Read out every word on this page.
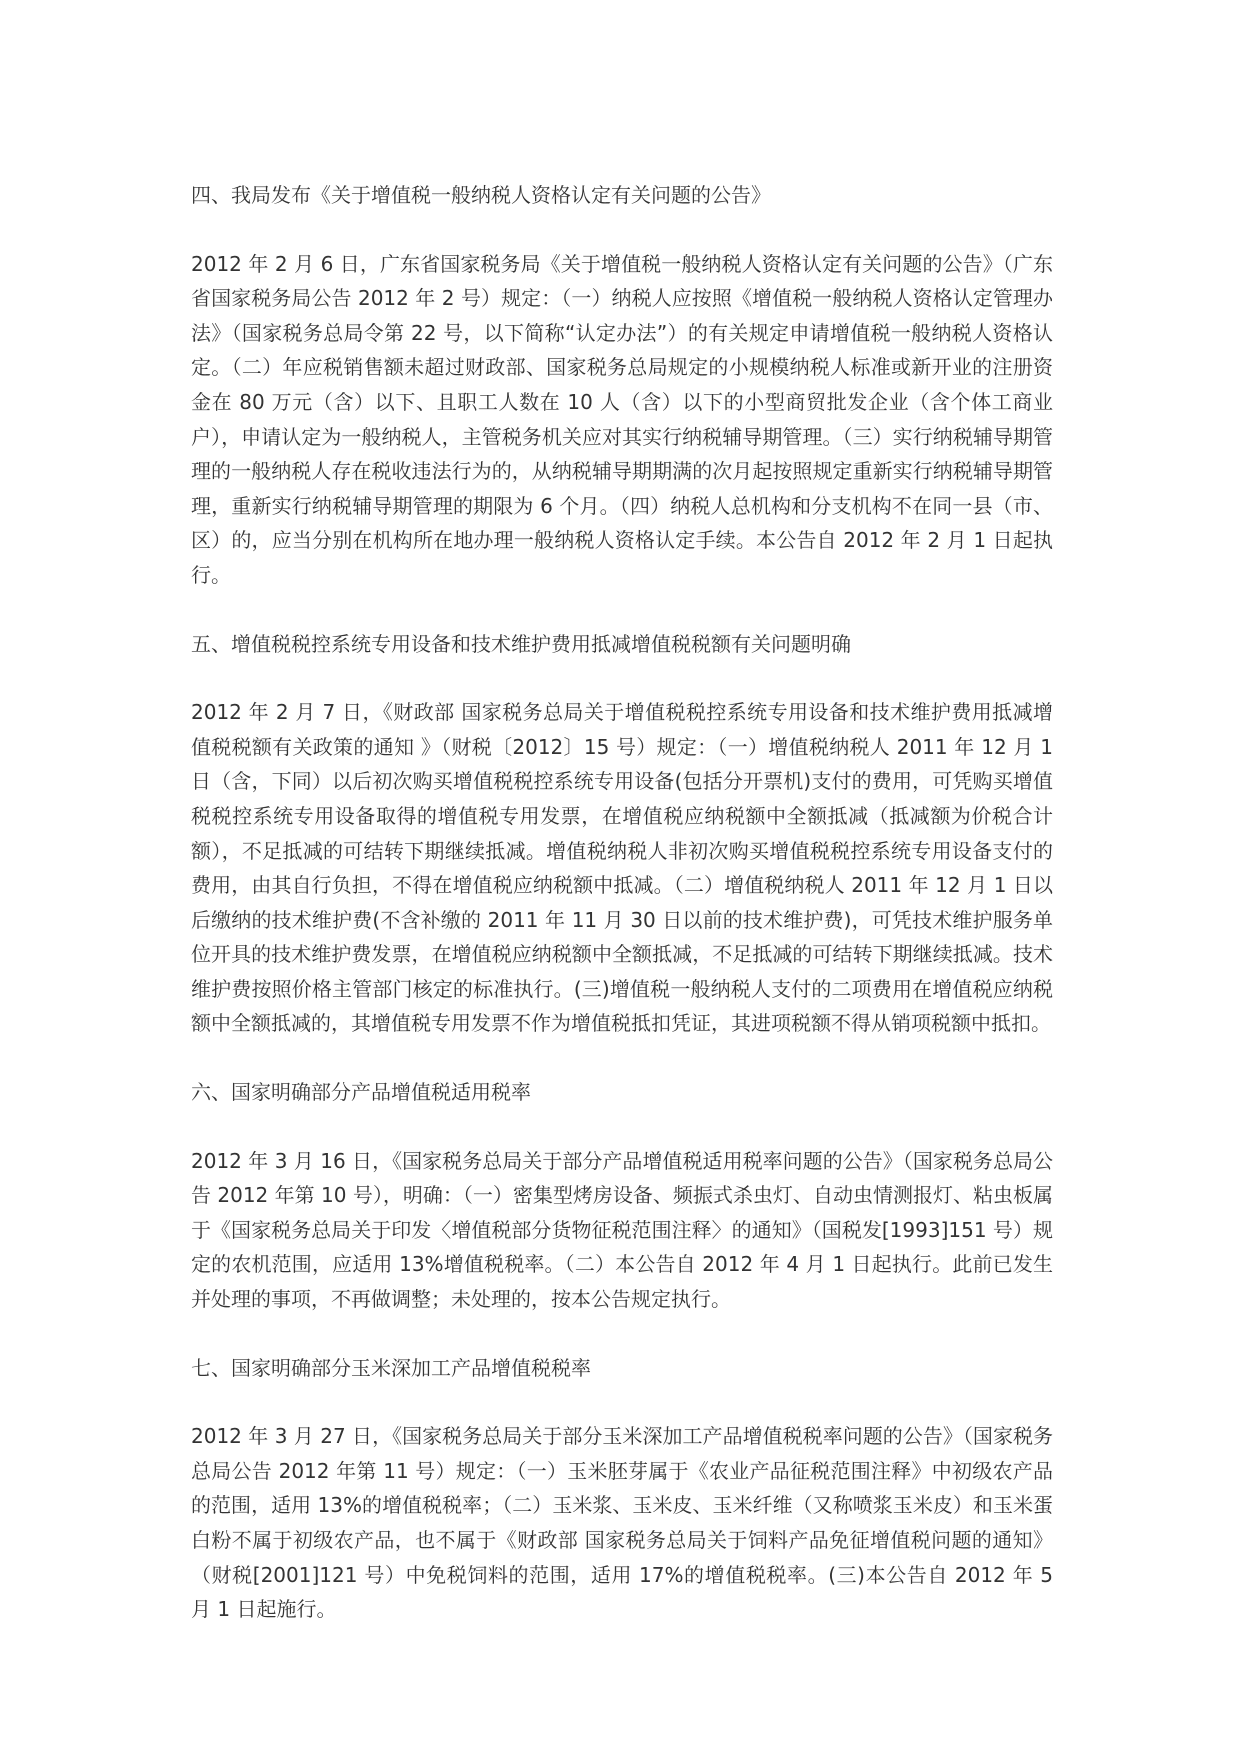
四、我局发布《关于增值税一般纳税人资格认定有关问题的公告》
2012 年 2 月 6 日，广东省国家税务局《关于增值税一般纳税人资格认定有关问题的公告》（广东省国家税务局公告 2012 年 2 号）规定：（一）纳税人应按照《增值税一般纳税人资格认定管理办法》（国家税务总局令第 22 号，以下简称“认定办法”）的有关规定申请增值税一般纳税人资格认定。（二）年应税销售额未超过财政部、国家税务总局规定的小规模纳税人标准或新开业的注册资金在 80 万元（含）以下、且职工人数在 10 人（含）以下的小型商贸批发企业（含个体工商业户），申请认定为一般纳税人，主管税务机关应对其实行纳税辅导期管理。（三）实行纳税辅导期管理的一般纳税人存在税收违法行为的，从纳税辅导期期满的次月起按照规定重新实行纳税辅导期管理，重新实行纳税辅导期管理的期限为 6 个月。（四）纳税人总机构和分支机构不在同一县（市、区）的，应当分别在机构所在地办理一般纳税人资格认定手续。本公告自 2012 年 2 月 1 日起执行。
五、增值税税控系统专用设备和技术维护费用抵减增值税税额有关问题明确
2012 年 2 月 7 日，《财政部 国家税务总局关于增值税税控系统专用设备和技术维护费用抵减增值税税额有关政策的通知 》（财税〔2012〕15 号）规定：（一）增值税纳税人 2011 年 12 月 1 日（含，下同）以后初次购买增值税税控系统专用设备(包括分开票机)支付的费用，可凭购买增值税税控系统专用设备取得的增值税专用发票，在增值税应纳税额中全额抵减（抵减额为价税合计额），不足抵减的可结转下期继续抵减。增值税纳税人非初次购买增值税税控系统专用设备支付的费用，由其自行负担，不得在增值税应纳税额中抵减。（二）增值税纳税人 2011 年 12 月 1 日以后缴纳的技术维护费(不含补缴的 2011 年 11 月 30 日以前的技术维护费)，可凭技术维护服务单位开具的技术维护费发票，在增值税应纳税额中全额抵减，不足抵减的可结转下期继续抵减。技术维护费按照价格主管部门核定的标准执行。(三)增值税一般纳税人支付的二项费用在增值税应纳税额中全额抵减的，其增值税专用发票不作为增值税抵扣凭证，其进项税额不得从销项税额中抵扣。
六、国家明确部分产品增值税适用税率
2012 年 3 月 16 日，《国家税务总局关于部分产品增值税适用税率问题的公告》（国家税务总局公告 2012 年第 10 号），明确：（一）密集型烤房设备、频振式杀虫灯、自动虫情测报灯、粘虫板属于《国家税务总局关于印发〈增值税部分货物征税范围注释〉的通知》（国税发[1993]151 号）规定的农机范围，应适用 13%增值税税率。（二）本公告自 2012 年 4 月 1 日起执行。此前已发生并处理的事项，不再做调整；未处理的，按本公告规定执行。
七、国家明确部分玉米深加工产品增值税税率
2012 年 3 月 27 日，《国家税务总局关于部分玉米深加工产品增值税税率问题的公告》（国家税务总局公告 2012 年第 11 号）规定：（一）玉米胚芽属于《农业产品征税范围注释》中初级农产品的范围，适用 13%的增值税税率；（二）玉米浆、玉米皮、玉米纤维（又称喷浆玉米皮）和玉米蛋白粉不属于初级农产品，也不属于《财政部 国家税务总局关于饲料产品免征增值税问题的通知》（财税[2001]121 号）中免税饲料的范围，适用 17%的增值税税率。(三)本公告自 2012 年 5 月 1 日起施行。
